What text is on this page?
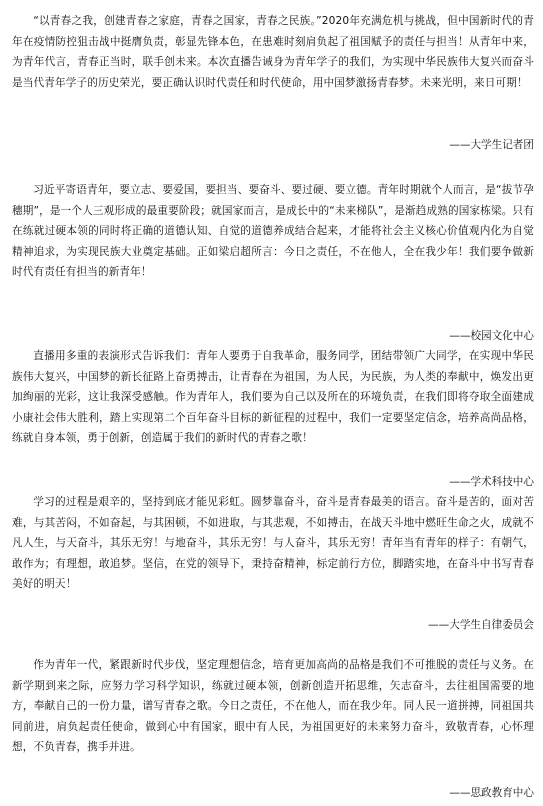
“以青春之我，创建青春之家庭，青春之国家，青春之民族。”2020年充满危机与挑战，但中国新时代的青年在疫情防控狙击战中挺膺负责，彰显先锋本色，在患难时刻肩负起了祖国赋予的责任与担当！从青年中来，为青年代言，青春正当时，联手创未来。本次直播告诫身为青年学子的我们，为实现中华民族伟大复兴而奋斗是当代青年学子的历史荣光，要正确认识时代责任和时代使命，用中国梦激扬青春梦。未来光明，来日可期！

——大学生记者团

习近平寄语青年，要立志、要爱国，要担当、要奋斗、要过硬、要立德。青年时期就个人而言，是“拔节孕穗期”，是一个人三观形成的最重要阶段；就国家而言，是成长中的“未来梯队”，是渐趋成熟的国家栋梁。只有在练就过硬本领的同时将正确的道德认知、自觉的道德养成结合起来，才能将社会主义核心价值观内化为自觉精神追求，为实现民族大业奠定基础。正如梁启超所言：今日之责任，不在他人，全在我少年！我们要争做新时代有责任有担当的新青年！

——校园文化中心

直播用多重的表演形式告诉我们：青年人要勇于自我革命，服务同学，团结带领广大同学，在实现中华民族伟大复兴，中国梦的新长征路上奋勇搏击，让青春在为祖国，为人民，为民族，为人类的奉献中，焕发出更加绚丽的光彩，这让我深受感触。作为青年人，我们要为自己以及所在的环境负责，在我们即将夺取全面建成小康社会伟大胜利，踏上实现第二个百年奋斗目标的新征程的过程中，我们一定要坚定信念，培养高尚品格，练就自身本领，勇于创新，创造属于我们的新时代的青春之歌！

——学术科技中心

学习的过程是艰辛的，坚持到底才能见彩虹。圆梦靠奋斗，奋斗是青春最美的语言。奋斗是苦的，面对苦难，与其苦闷，不如奋起，与其困顿，不如进取，与其悲观，不如搏击，在战天斗地中燃旺生命之火，成就不凡人生，与天奋斗，其乐无穷！与地奋斗，其乐无穷！与人奋斗，其乐无穷！青年当有青年的样子：有朝气，敢作为；有理想，敢追梦。坚信，在党的领导下，秉持奋精神，标定前行方位，脚踏实地，在奋斗中书写青春美好的明天！

——大学生自律委员会

作为青年一代，紧跟新时代步伐，坚定理想信念，培育更加高尚的品格是我们不可推脱的责任与义务。在新学期到来之际，应努力学习科学知识，练就过硬本领，创新创造开拓思维，矢志奋斗，去往祖国需要的地方，奉献自己的一份力量，谱写青春之歌。今日之责任，不在他人，而在我少年。同人民一道拼搏，同祖国共同前进，肩负起责任使命，做到心中有国家，眼中有人民，为祖国更好的未来努力奋斗，致敬青春，心怀理想，不负青春，携手并进。

——思政教育中心
